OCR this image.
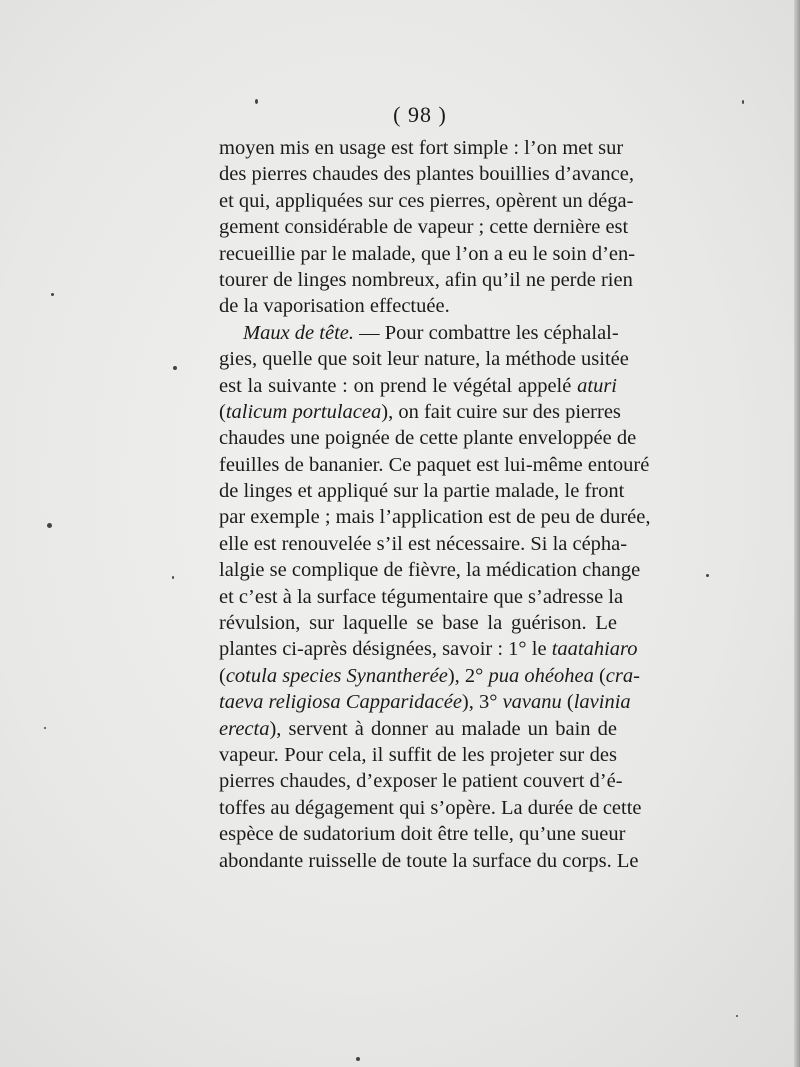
( 98 )
moyen mis en usage est fort simple : l’on met sur
des pierres chaudes des plantes bouillies d’avance,
et qui, appliquées sur ces pierres, opèrent un déga-
gement considérable de vapeur ; cette dernière est
recueillie par le malade, que l’on a eu le soin d’en-
tourer de linges nombreux, afin qu’il ne perde rien
de la vaporisation effectuée.
Maux de tête. — Pour combattre les céphalal-
gies, quelle que soit leur nature, la méthode usitée
est la suivante : on prend le végétal appelé aturi
(talicum portulacea), on fait cuire sur des pierres
chaudes une poignée de cette plante enveloppée de
feuilles de bananier. Ce paquet est lui-même entouré
de linges et appliqué sur la partie malade, le front
par exemple ; mais l’application est de peu de durée,
elle est renouvelée s’il est nécessaire. Si la cépha-
lalgie se complique de fièvre, la médication change
et c’est à la surface tégumentaire que s’adresse la
révulsion, sur laquelle se base la guérison. Le
plantes ci-après désignées, savoir : 1° le taatahiaro
(cotula species Synantherée), 2° pua ohéohea (cra-
taeva religiosa Capparidacée), 3° vavanu (lavinia
erecta), servent à donner au malade un bain de
vapeur. Pour cela, il suffit de les projeter sur des
pierres chaudes, d’exposer le patient couvert d’é-
toffes au dégagement qui s’opère. La durée de cette
espèce de sudatorium doit être telle, qu’une sueur
abondante ruisselle de toute la surface du corps. Le
